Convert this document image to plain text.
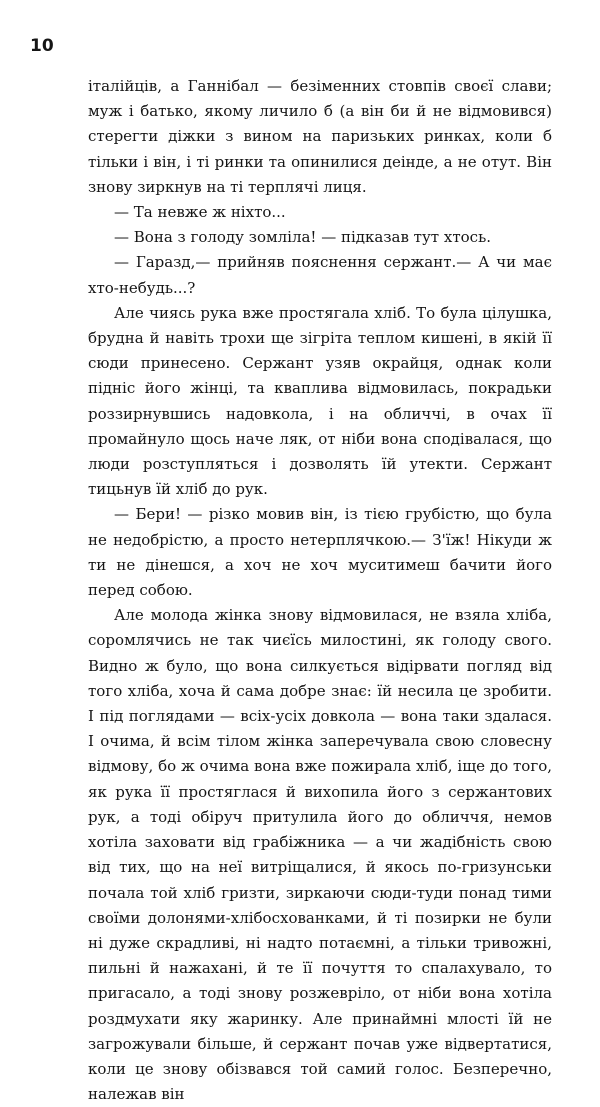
10

італійців, а Ганнібал — безіменних стовпів своєї слави; муж і батько, якому личило б (а він би й не відмовився) стерегти діжки з вином на паризьких ринках, коли б тільки і він, і ті ринки та опинилися деінде, а не отут. Він знову зиркнув на ті терплячі лиця.

— Та невже ж ніхто...

— Вона з голоду зомліла! — підказав тут хтось.

— Гаразд,— прийняв пояснення сержант.— А чи має хто-небудь...?

Але чиясь рука вже простягала хліб. То була цілушка, брудна й навіть трохи ще зігріта теплом кишені, в якій її сюди принесено. Сержант узяв окрайця, однак коли підніс його жінці, та кваплива відмовилась, покрадьки роззирнувшись надовкола, і на обличчі, в очах її промайнуло щось наче ляк, от ніби вона сподівалася, що люди розступляться і дозволять їй утекти. Сержант тицьнув їй хліб до рук.

— Бери! — різко мовив він, із тією грубістю, що була не недобрістю, а просто нетерплячкою.— З'їж! Нікуди ж ти не дінешся, а хоч не хоч муситимеш бачити його перед собою.

Але молода жінка знову відмовилася, не взяла хліба, соромлячись не так чиєїсь милостині, як голоду свого. Видно ж було, що вона силкується відірвати погляд від того хліба, хоча й сама добре знає: їй несила це зробити. І під поглядами — всіх-усіх довкола — вона таки здалася. І очима, й всім тілом жінка заперечувала свою словесну відмову, бо ж очима вона вже пожирала хліб, іще до того, як рука її простяглася й вихопила його з сержантових рук, а тоді обіруч притулила його до обличчя, немов хотіла заховати від грабіжника — а чи жадібність свою від тих, що на неї витріщалися, й якось по-гризунськи почала той хліб гризти, зиркаючи сюди-туди понад тими своїми долонями-хлібосхованками, й ті позирки не були ні дуже скрадливі, ні надто потаємні, а тільки тривожні, пильні й нажахані, й те її почуття то спалахувало, то пригасало, а тоді знову розжевріло, от ніби вона хотіла роздмухати яку жаринку. Але принаймні млості їй не загрожували більше, й сержант почав уже відвертатися, коли це знову обізвався той самий голос. Безперечно, належав він
